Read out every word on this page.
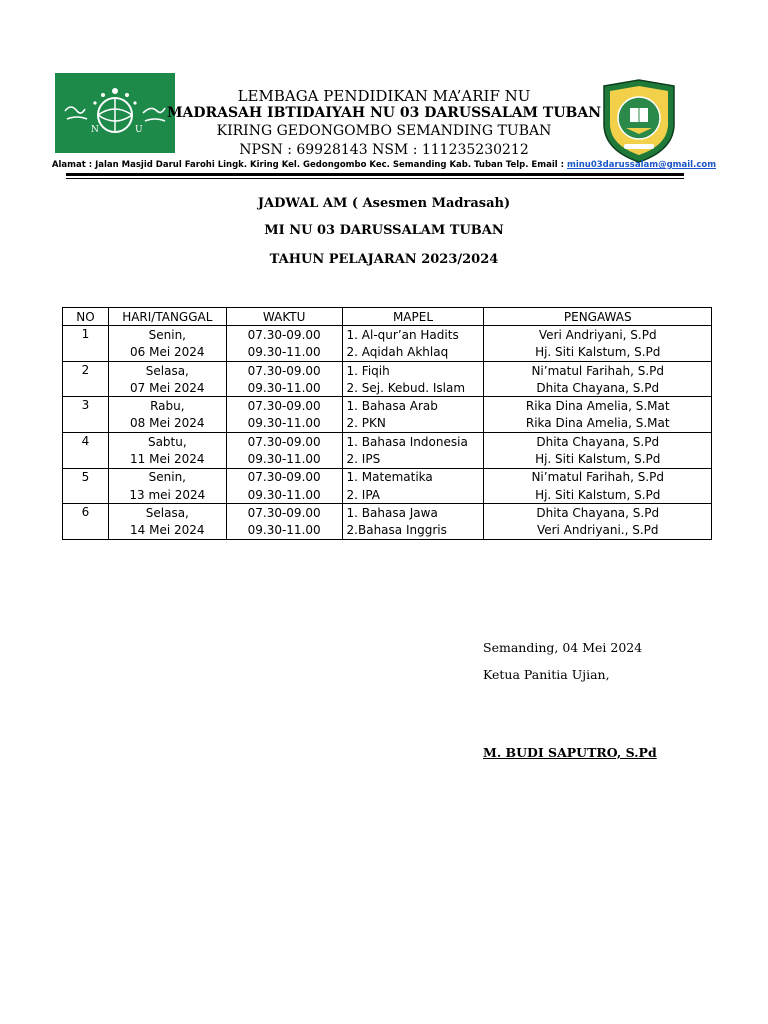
N	U
LEMBAGA PENDIDIKAN MA’ARIF NU
MADRASAH IBTIDAIYAH NU 03 DARUSSALAM TUBAN
KIRING GEDONGOMBO SEMANDING TUBAN
NPSN : 69928143 NSM : 111235230212
Alamat : Jalan Masjid Darul Farohi Lingk. Kiring Kel. Gedongombo Kec. Semanding Kab. Tuban Telp. Email : minu03darussalam@gmail.com
JADWAL AM ( Asesmen Madrasah)
MI NU 03 DARUSSALAM TUBAN
TAHUN PELAJARAN 2023/2024
NO	HARI/TANGGAL	WAKTU	MAPEL	PENGAWAS
1	Senin,	07.30-09.00	1. Al-qur’an Hadits	Veri Andriyani, S.Pd
	06 Mei 2024	09.30-11.00	2. Aqidah Akhlaq	Hj. Siti Kalstum, S.Pd
2	Selasa,	07.30-09.00	1. Fiqih	Ni’matul Farihah, S.Pd
	07 Mei 2024	09.30-11.00	2. Sej. Kebud. Islam	Dhita Chayana, S.Pd
3	Rabu,	07.30-09.00	1. Bahasa Arab	Rika Dina Amelia, S.Mat
	08 Mei 2024	09.30-11.00	2. PKN	Rika Dina Amelia, S.Mat
4	Sabtu,	07.30-09.00	1. Bahasa Indonesia	Dhita Chayana, S.Pd
	11 Mei 2024	09.30-11.00	2. IPS	Hj. Siti Kalstum, S.Pd
5	Senin,	07.30-09.00	1. Matematika	Ni’matul Farihah, S.Pd
	13 mei 2024	09.30-11.00	2. IPA	Hj. Siti Kalstum, S.Pd
6	Selasa,	07.30-09.00	1. Bahasa Jawa	Dhita Chayana, S.Pd
	14 Mei 2024	09.30-11.00	2.Bahasa Inggris	Veri Andriyani., S.Pd
Semanding, 04 Mei 2024
Ketua Panitia Ujian,
M. BUDI SAPUTRO, S.Pd
